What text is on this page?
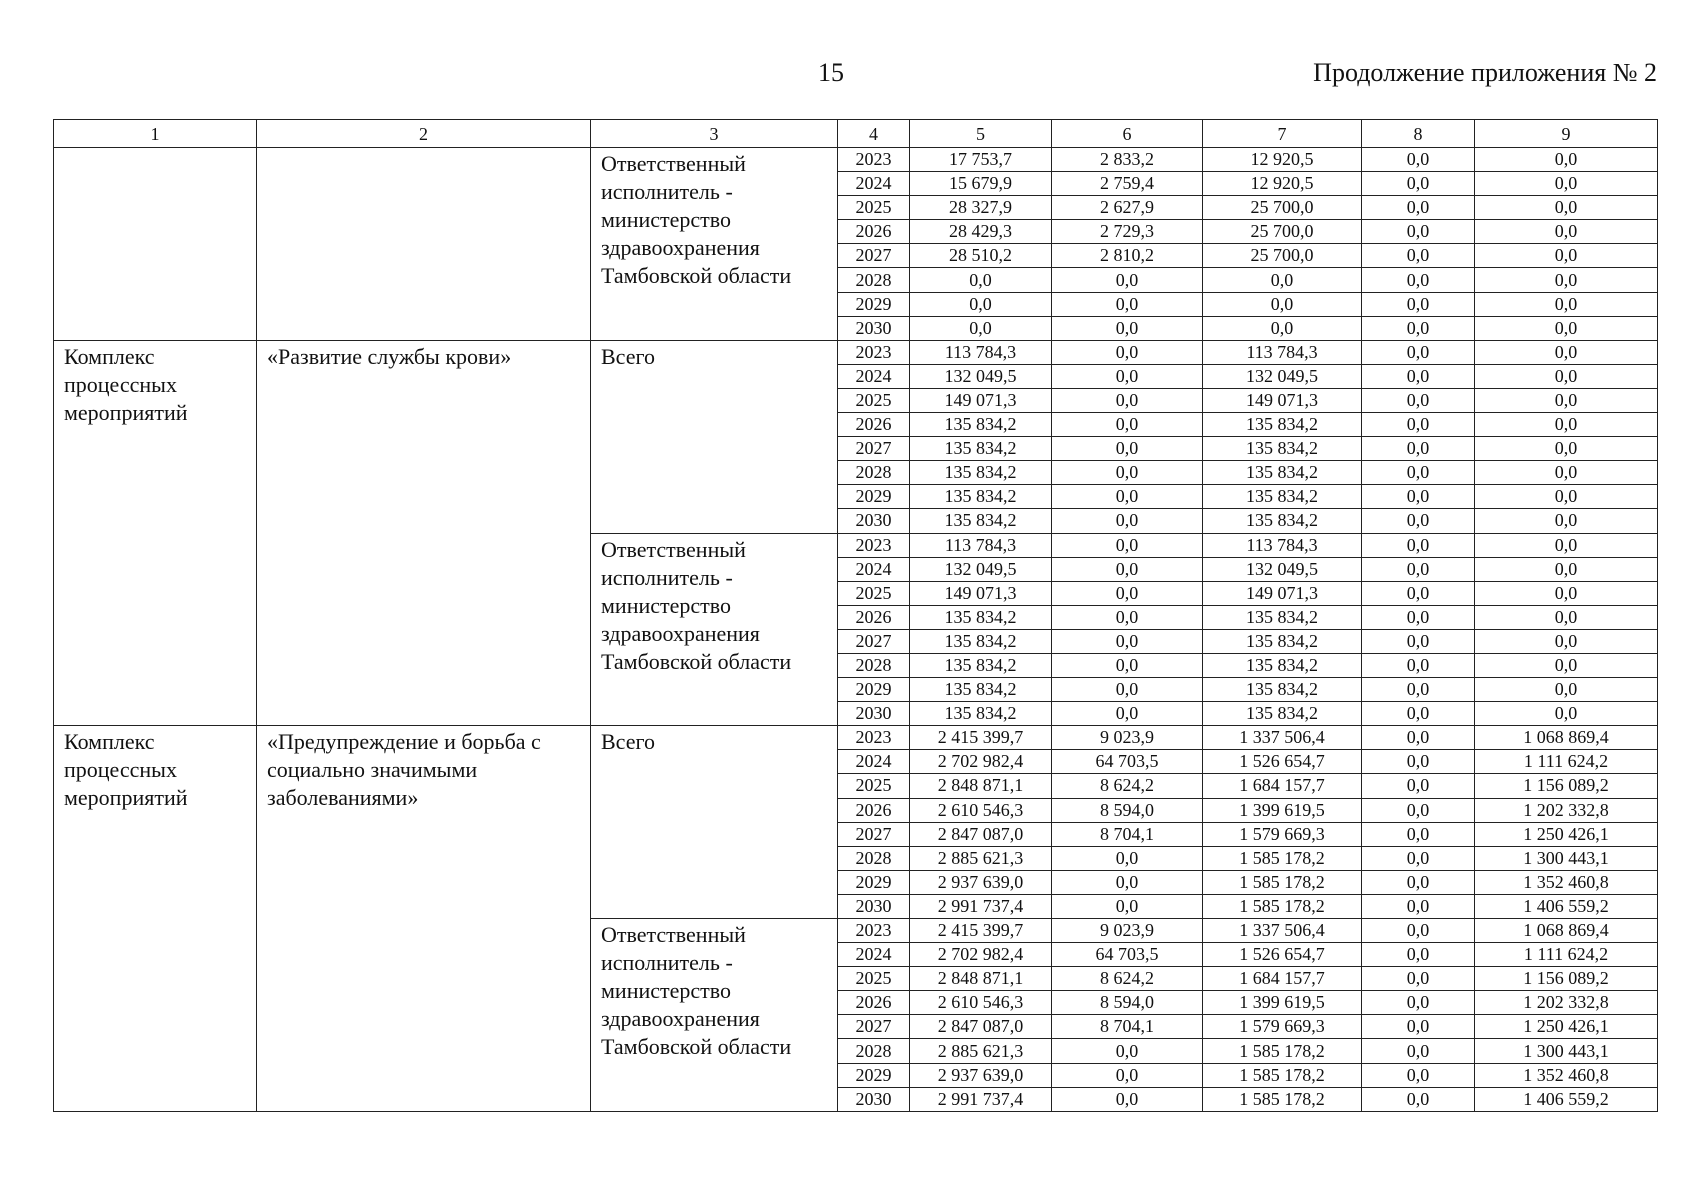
15	Продолжение приложения № 2
1	2	3	4	5	6	7	8	9
		Ответственный исполнитель - министерство здравоохранения Тамбовской области	2023	17 753,7	2 833,2	12 920,5	0,0	0,0
			2024	15 679,9	2 759,4	12 920,5	0,0	0,0
			2025	28 327,9	2 627,9	25 700,0	0,0	0,0
			2026	28 429,3	2 729,3	25 700,0	0,0	0,0
			2027	28 510,2	2 810,2	25 700,0	0,0	0,0
			2028	0,0	0,0	0,0	0,0	0,0
			2029	0,0	0,0	0,0	0,0	0,0
			2030	0,0	0,0	0,0	0,0	0,0
Комплекс процессных мероприятий	«Развитие службы крови»	Всего	2023	113 784,3	0,0	113 784,3	0,0	0,0
			2024	132 049,5	0,0	132 049,5	0,0	0,0
			2025	149 071,3	0,0	149 071,3	0,0	0,0
			2026	135 834,2	0,0	135 834,2	0,0	0,0
			2027	135 834,2	0,0	135 834,2	0,0	0,0
			2028	135 834,2	0,0	135 834,2	0,0	0,0
			2029	135 834,2	0,0	135 834,2	0,0	0,0
			2030	135 834,2	0,0	135 834,2	0,0	0,0
		Ответственный исполнитель - министерство здравоохранения Тамбовской области	2023	113 784,3	0,0	113 784,3	0,0	0,0
			2024	132 049,5	0,0	132 049,5	0,0	0,0
			2025	149 071,3	0,0	149 071,3	0,0	0,0
			2026	135 834,2	0,0	135 834,2	0,0	0,0
			2027	135 834,2	0,0	135 834,2	0,0	0,0
			2028	135 834,2	0,0	135 834,2	0,0	0,0
			2029	135 834,2	0,0	135 834,2	0,0	0,0
			2030	135 834,2	0,0	135 834,2	0,0	0,0
Комплекс процессных мероприятий	«Предупреждение и борьба с социально значимыми заболеваниями»	Всего	2023	2 415 399,7	9 023,9	1 337 506,4	0,0	1 068 869,4
			2024	2 702 982,4	64 703,5	1 526 654,7	0,0	1 111 624,2
			2025	2 848 871,1	8 624,2	1 684 157,7	0,0	1 156 089,2
			2026	2 610 546,3	8 594,0	1 399 619,5	0,0	1 202 332,8
			2027	2 847 087,0	8 704,1	1 579 669,3	0,0	1 250 426,1
			2028	2 885 621,3	0,0	1 585 178,2	0,0	1 300 443,1
			2029	2 937 639,0	0,0	1 585 178,2	0,0	1 352 460,8
			2030	2 991 737,4	0,0	1 585 178,2	0,0	1 406 559,2
		Ответственный исполнитель - министерство здравоохранения Тамбовской области	2023	2 415 399,7	9 023,9	1 337 506,4	0,0	1 068 869,4
			2024	2 702 982,4	64 703,5	1 526 654,7	0,0	1 111 624,2
			2025	2 848 871,1	8 624,2	1 684 157,7	0,0	1 156 089,2
			2026	2 610 546,3	8 594,0	1 399 619,5	0,0	1 202 332,8
			2027	2 847 087,0	8 704,1	1 579 669,3	0,0	1 250 426,1
			2028	2 885 621,3	0,0	1 585 178,2	0,0	1 300 443,1
			2029	2 937 639,0	0,0	1 585 178,2	0,0	1 352 460,8
			2030	2 991 737,4	0,0	1 585 178,2	0,0	1 406 559,2
